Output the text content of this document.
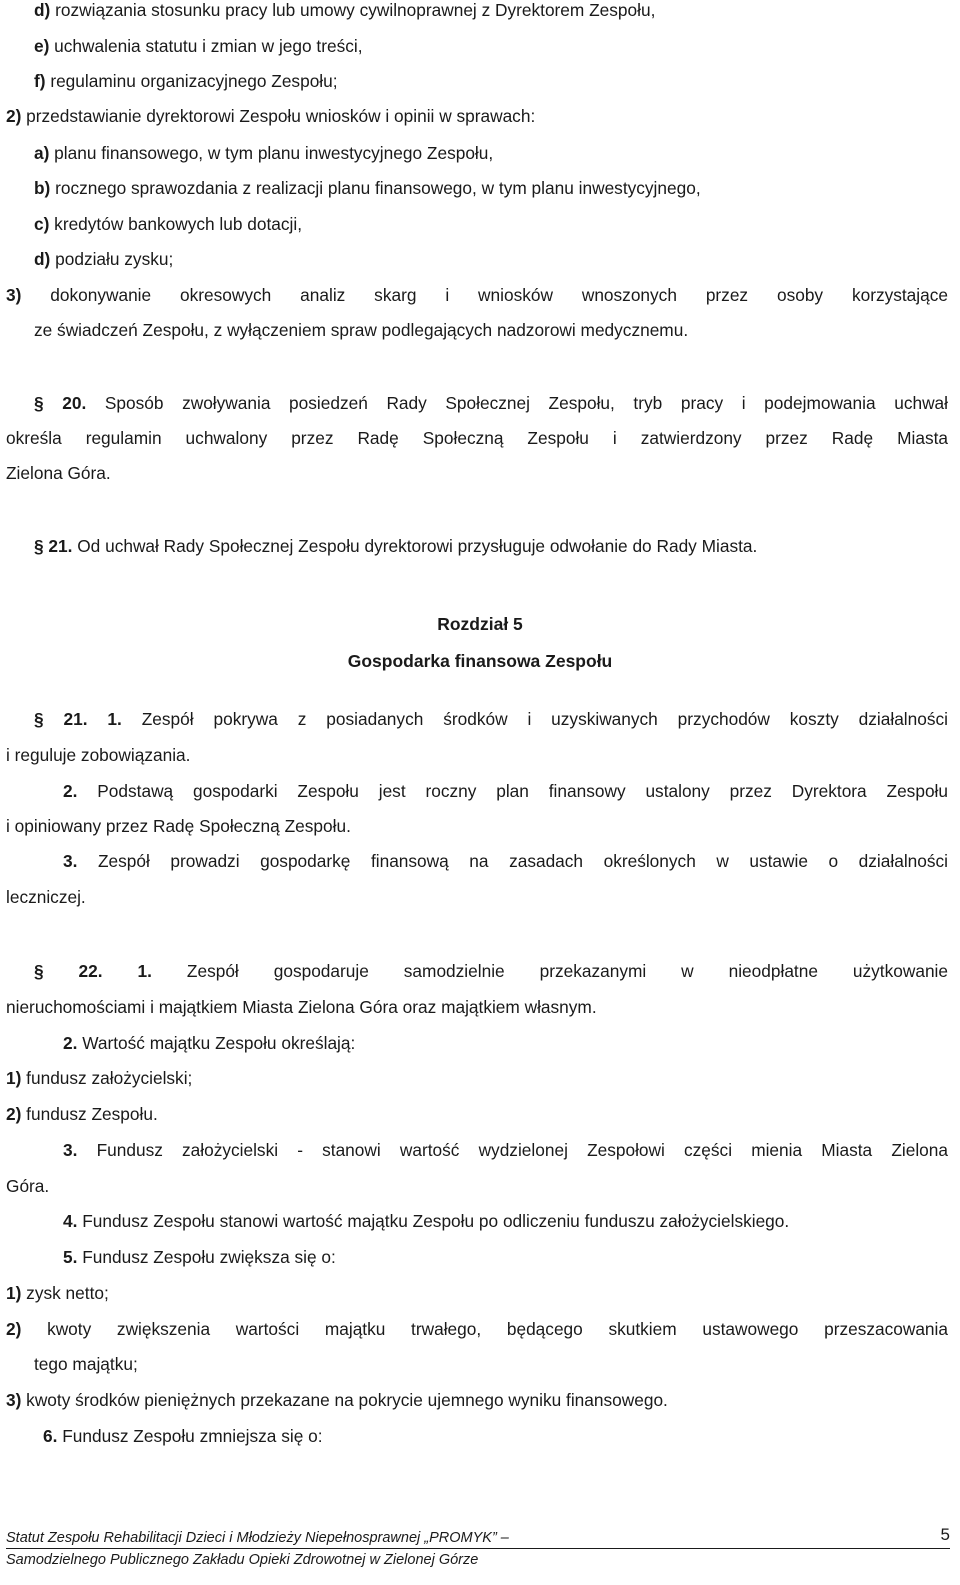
d) rozwiązania stosunku pracy lub umowy cywilnoprawnej z Dyrektorem Zespołu,
e) uchwalenia statutu i zmian w jego treści,
f) regulaminu organizacyjnego Zespołu;
2) przedstawianie dyrektorowi Zespołu wniosków i opinii w sprawach:
a) planu finansowego, w tym planu inwestycyjnego Zespołu,
b) rocznego sprawozdania z realizacji planu finansowego, w tym planu inwestycyjnego,
c) kredytów bankowych lub dotacji,
d) podziału zysku;
3) dokonywanie okresowych analiz skarg i wniosków wnoszonych przez osoby korzystające
ze świadczeń Zespołu, z wyłączeniem spraw podlegających nadzorowi medycznemu.
§ 20. Sposób zwoływania posiedzeń Rady Społecznej Zespołu, tryb pracy i podejmowania uchwał
określa regulamin uchwalony przez Radę Społeczną Zespołu i zatwierdzony przez Radę Miasta
Zielona Góra.
§ 21. Od uchwał Rady Społecznej Zespołu dyrektorowi przysługuje odwołanie do Rady Miasta.
Rozdział 5
Gospodarka finansowa Zespołu
§ 21. 1. Zespół pokrywa z posiadanych środków i uzyskiwanych przychodów koszty działalności
i reguluje zobowiązania.
2. Podstawą gospodarki Zespołu jest roczny plan finansowy ustalony przez Dyrektora Zespołu
i opiniowany przez Radę Społeczną Zespołu.
3. Zespół prowadzi gospodarkę finansową na zasadach określonych w ustawie o działalności
leczniczej.
§ 22. 1. Zespół gospodaruje samodzielnie przekazanymi w nieodpłatne użytkowanie
nieruchomościami i majątkiem Miasta Zielona Góra oraz majątkiem własnym.
2. Wartość majątku Zespołu określają:
1) fundusz założycielski;
2) fundusz Zespołu.
3. Fundusz założycielski - stanowi wartość wydzielonej Zespołowi części mienia Miasta Zielona
Góra.
4. Fundusz Zespołu stanowi wartość majątku Zespołu po odliczeniu funduszu założycielskiego.
5. Fundusz Zespołu zwiększa się o:
1) zysk netto;
2) kwoty zwiększenia wartości majątku trwałego, będącego skutkiem ustawowego przeszacowania
tego majątku;
3) kwoty środków pieniężnych przekazane na pokrycie ujemnego wyniku finansowego.
6. Fundusz Zespołu zmniejsza się o:
Statut Zespołu Rehabilitacji Dzieci i Młodzieży Niepełnosprawnej „PROMYK” –
Samodzielnego Publicznego Zakładu Opieki Zdrowotnej w Zielonej Górze
5
